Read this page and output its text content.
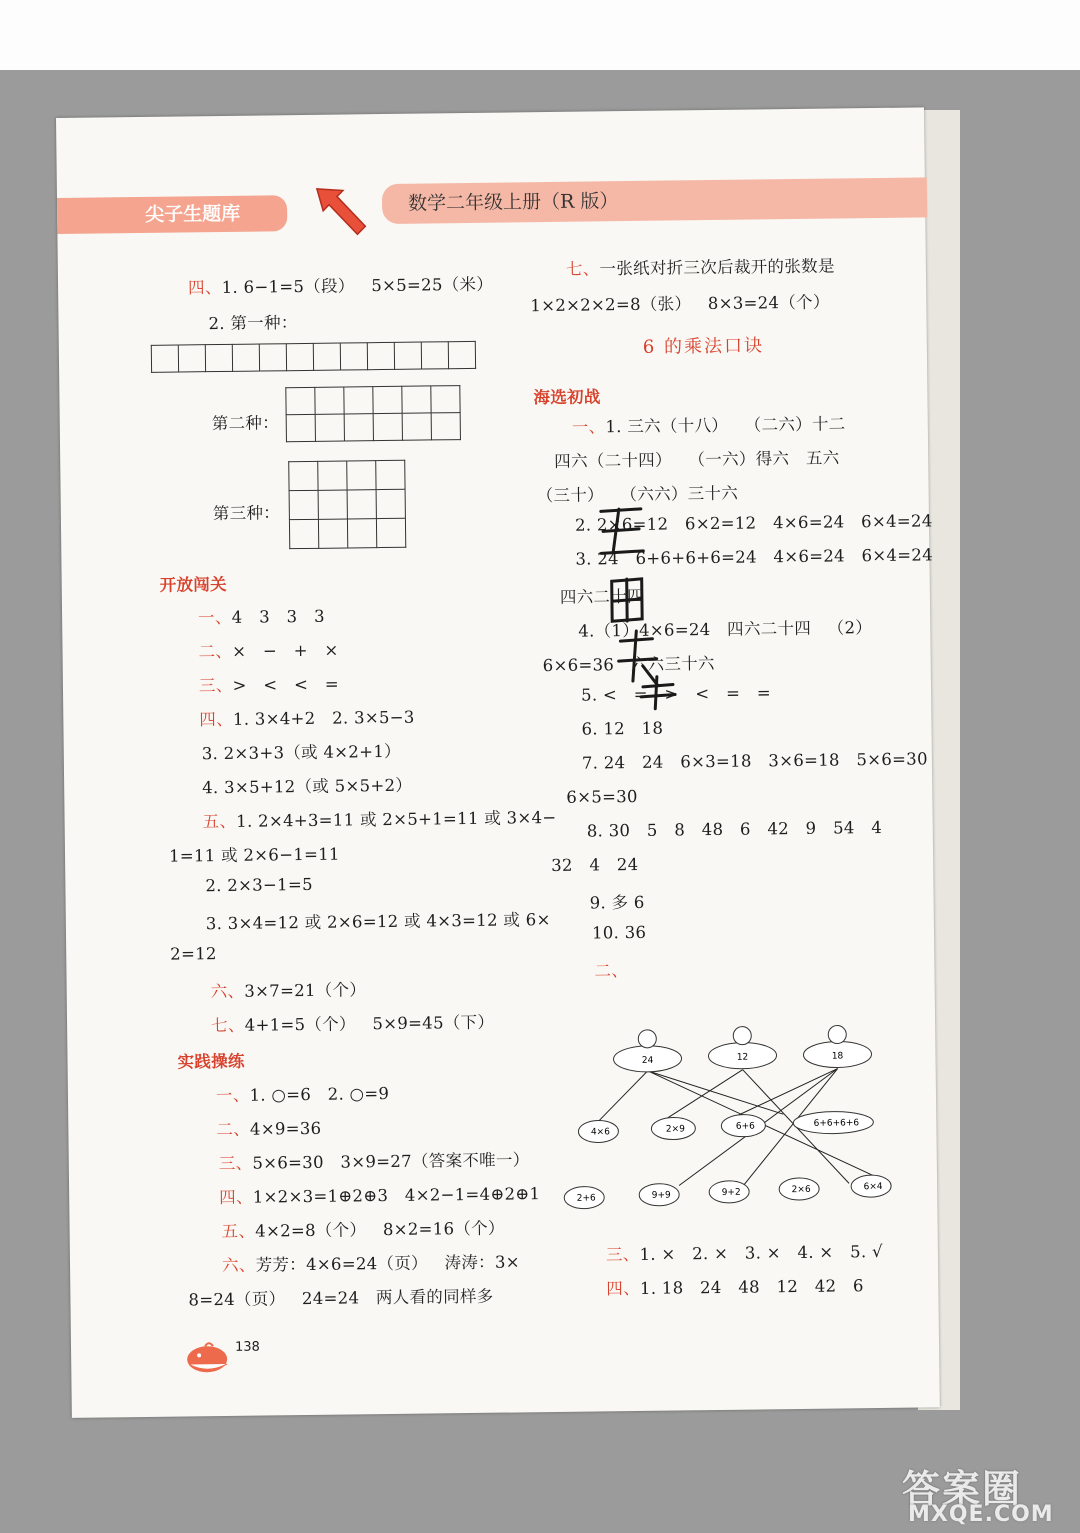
尖子生题库	数学二年级上册（R 版）
四、1. 6−1=5（段）   5×5=25（米）
2. 第一种：

第二种：

第三种：

开放闯关
一、4   3   3   3
二、×   −   +   ×
三、>   <   <   =
四、1. 3×4+2   2. 3×5−3
3. 2×3+3（或 4×2+1）
4. 3×5+12（或 5×5+2）
五、1. 2×4+3=11 或 2×5+1=11 或 3×4−
1=11 或 2×6−1=11
2. 2×3−1=5
3. 3×4=12 或 2×6=12 或 4×3=12 或 6×
2=12
六、3×7=21（个）
七、4+1=5（个）   5×9=45（下）
实践操练
一、1. ○=6   2. ○=9
二、4×9=36
三、5×6=30   3×9=27（答案不唯一）
四、1×2×3=1⊕2⊕3   4×2−1=4⊕2⊕1
五、4×2=8（个）   8×2=16（个）
六、芳芳：4×6=24（页）   涛涛：3×
8=24（页）   24=24   两人看的同样多
138
七、一张纸对折三次后裁开的张数是
1×2×2×2=8（张）   8×3=24（个）
6 的乘法口诀
海选初战
一、1. 三六（十八）   （二六）十二
四六（二十四）   （一六）得六   五六
（三十）   （六六）三十六
2. 2×6=12   6×2=12   4×6=24   6×4=24
3. 24   6+6+6+6=24   4×6=24   6×4=24
四六二十四
4.（1）4×6=24   四六二十四   （2）
6×6=36   六六三十六
5. <   =   >   <   =   =
6. 12   18
7. 24   24   6×3=18   3×6=18   5×6=30
6×5=30
8. 30   5   8   48   6   42   9   54   4
32   4   24
9. 多 6
10. 36
二、
24	12	18
4×6	2×9	6+6	6+6+6+6
2+6	9+9	9+2	2×6	6×4
三、1. ×   2. ×   3. ×   4. ×   5. √
四、1. 18   24   48   12   42   6
答案圈
MXQE.COM
